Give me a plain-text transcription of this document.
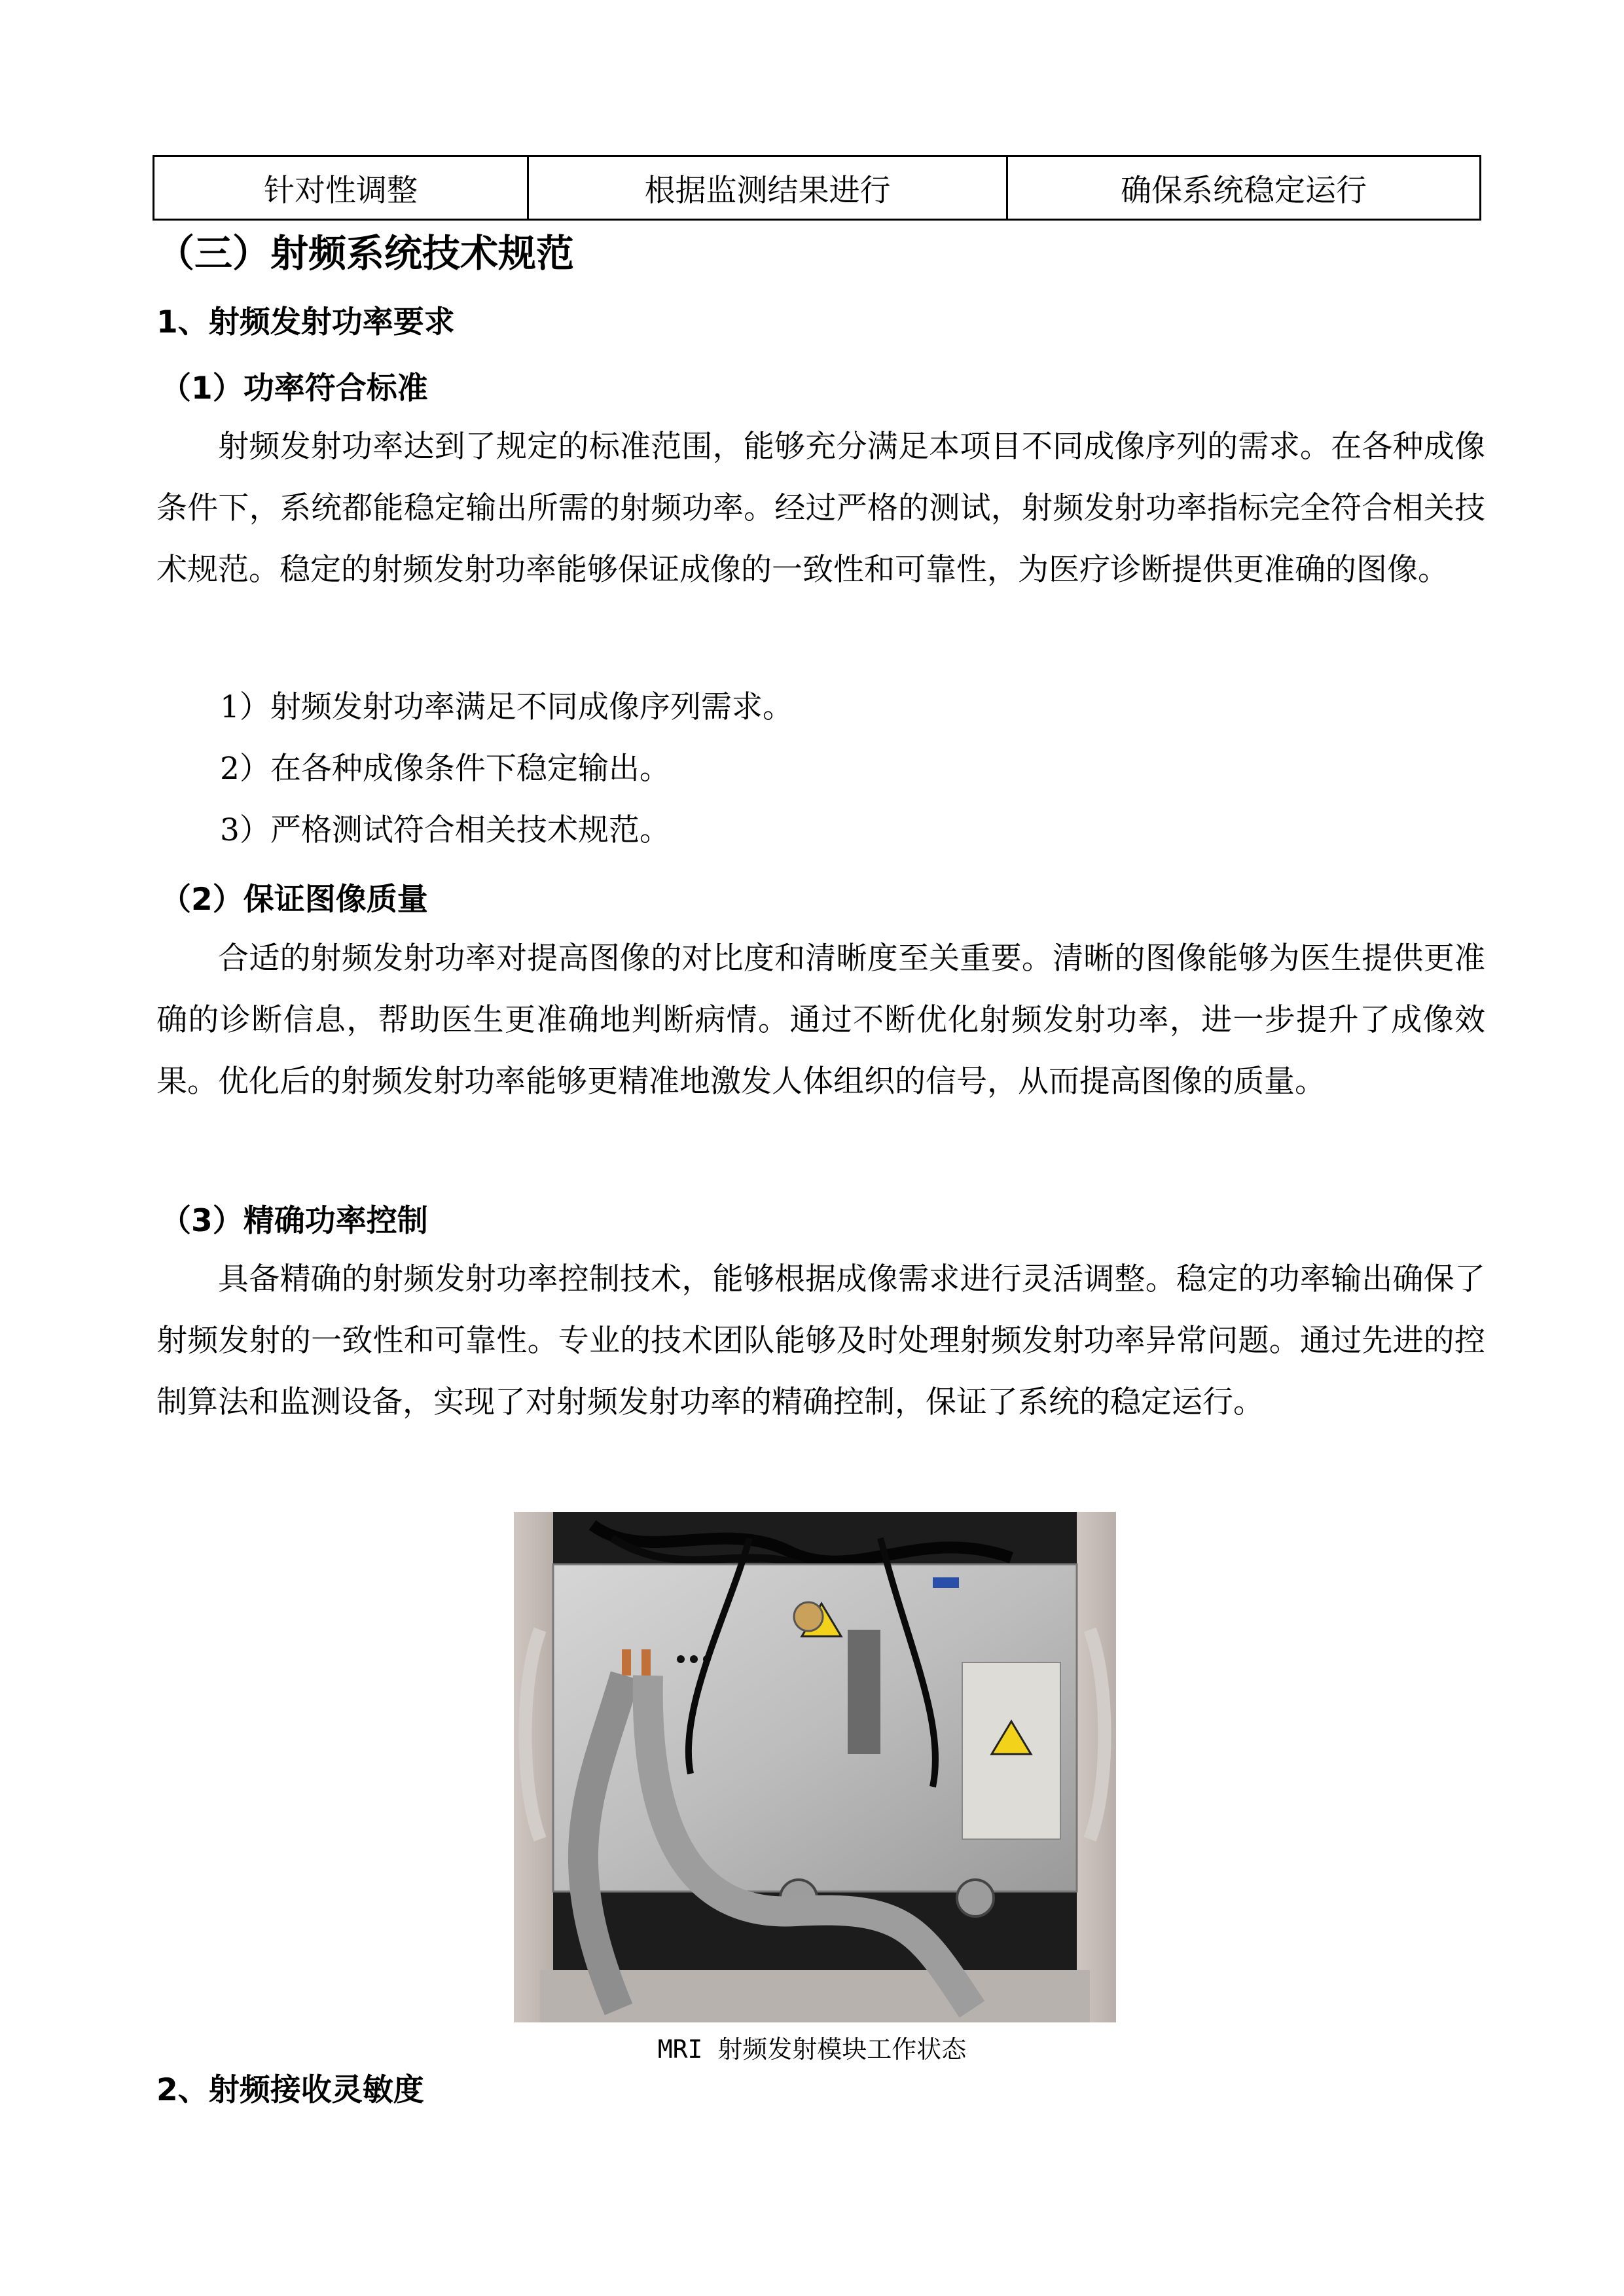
针对性调整	根据监测结果进行	确保系统稳定运行
（三）射频系统技术规范
1、射频发射功率要求
（1）功率符合标准

射频发射功率达到了规定的标准范围，能够充分满足本项目不同成像序列的需求。在各种成像条件下，系统都能稳定输出所需的射频功率。经过严格的测试，射频发射功率指标完全符合相关技术规范。稳定的射频发射功率能够保证成像的一致性和可靠性，为医疗诊断提供更准确的图像。

1）射频发射功率满足不同成像序列需求。
2）在各种成像条件下稳定输出。
3）严格测试符合相关技术规范。
（2）保证图像质量

合适的射频发射功率对提高图像的对比度和清晰度至关重要。清晰的图像能够为医生提供更准确的诊断信息，帮助医生更准确地判断病情。通过不断优化射频发射功率，进一步提升了成像效果。优化后的射频发射功率能够更精准地激发人体组织的信号，从而提高图像的质量。

（3）精确功率控制

具备精确的射频发射功率控制技术，能够根据成像需求进行灵活调整。稳定的功率输出确保了射频发射的一致性和可靠性。专业的技术团队能够及时处理射频发射功率异常问题。通过先进的控制算法和监测设备，实现了对射频发射功率的精确控制，保证了系统的稳定运行。

MRI 射频发射模块工作状态
2、射频接收灵敏度
